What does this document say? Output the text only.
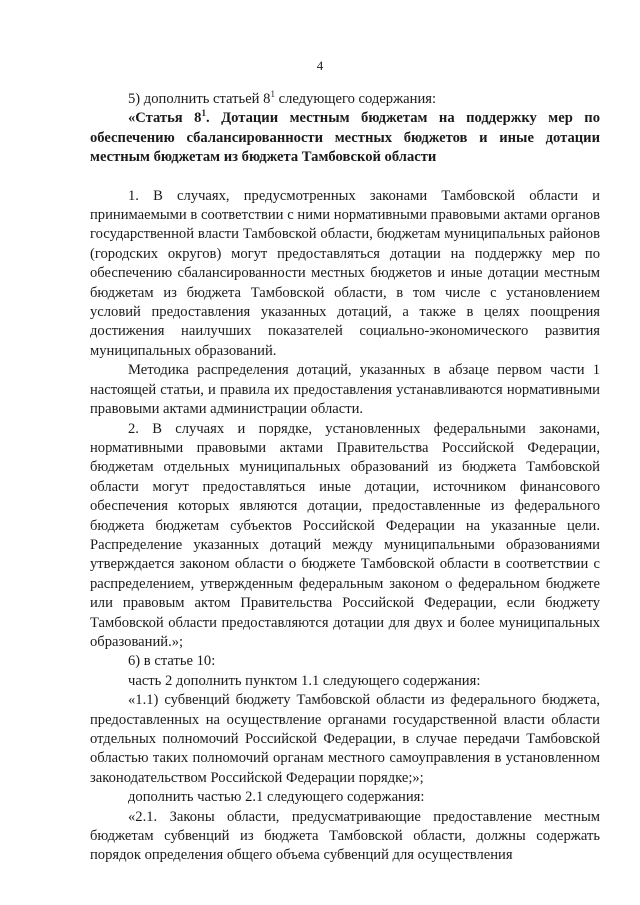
4

5) дополнить статьей $8^1$ следующего содержания:

«Статья $8^1$. Дотации местным бюджетам на поддержку мер по обеспечению сбалансированности местных бюджетов и иные дотации местным бюджетам из бюджета Тамбовской области

1. В случаях, предусмотренных законами Тамбовской области и принимаемыми в соответствии с ними нормативными правовыми актами органов государственной власти Тамбовской области, бюджетам муниципальных районов (городских округов) могут предоставляться дотации на поддержку мер по обеспечению сбалансированности местных бюджетов и иные дотации местным бюджетам из бюджета Тамбовской области, в том числе с установлением условий предоставления указанных дотаций, а также в целях поощрения достижения наилучших показателей социально-экономического развития муниципальных образований.

Методика распределения дотаций, указанных в абзаце первом части 1 настоящей статьи, и правила их предоставления устанавливаются нормативными правовыми актами администрации области.

2. В случаях и порядке, установленных федеральными законами, нормативными правовыми актами Правительства Российской Федерации, бюджетам отдельных муниципальных образований из бюджета Тамбовской области могут предоставляться иные дотации, источником финансового обеспечения которых являются дотации, предоставленные из федерального бюджета бюджетам субъектов Российской Федерации на указанные цели. Распределение указанных дотаций между муниципальными образованиями утверждается законом области о бюджете Тамбовской области в соответствии с распределением, утвержденным федеральным законом о федеральном бюджете или правовым актом Правительства Российской Федерации, если бюджету Тамбовской области предоставляются дотации для двух и более муниципальных образований.»;

6) в статье 10:

часть 2 дополнить пунктом 1.1 следующего содержания:

«1.1) субвенций бюджету Тамбовской области из федерального бюджета, предоставленных на осуществление органами государственной власти области отдельных полномочий Российской Федерации, в случае передачи Тамбовской областью таких полномочий органам местного самоуправления в установленном законодательством Российской Федерации порядке;»;

дополнить частью 2.1 следующего содержания:

«2.1. Законы области, предусматривающие предоставление местным бюджетам субвенций из бюджета Тамбовской области, должны содержать порядок определения общего объема субвенций для осуществления
